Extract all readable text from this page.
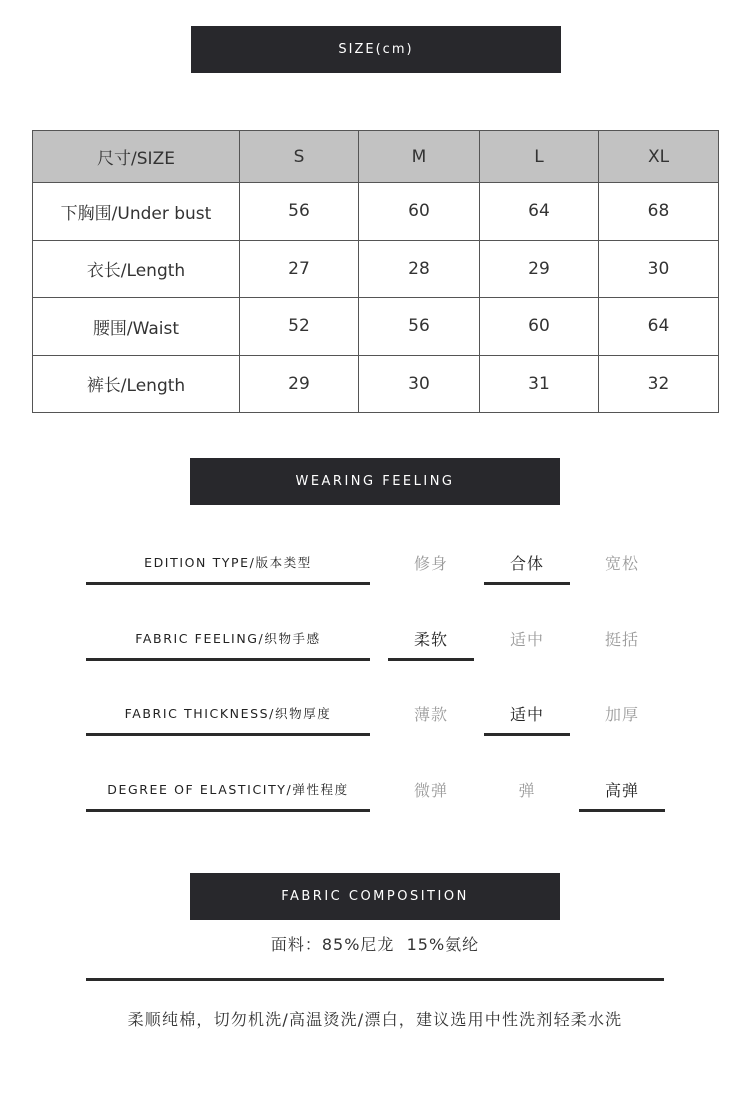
SIZE(cm)
尺寸/SIZE	S	M	L	XL
下胸围/Under bust	56	60	64	68
衣长/Length	27	28	29	30
腰围/Waist	52	56	60	64
裤长/Length	29	30	31	32
WEARING FEELING
EDITION TYPE/版本类型	修身	合体	宽松
FABRIC FEELING/织物手感	柔软	适中	挺括
FABRIC THICKNESS/织物厚度	薄款	适中	加厚
DEGREE OF ELASTICITY/弹性程度	微弹	弹	高弹
FABRIC COMPOSITION
面料：85%尼龙  15%氨纶
柔顺纯棉，切勿机洗/高温烫洗/漂白，建议选用中性洗剂轻柔水洗
